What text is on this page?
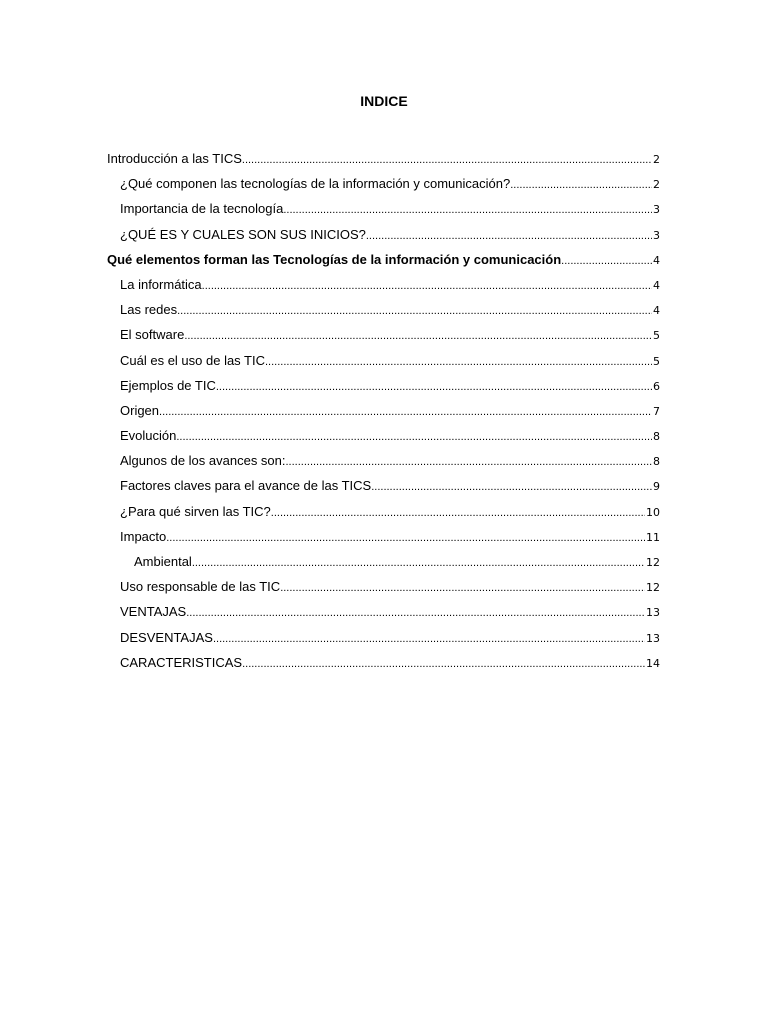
INDICE
Introducción a las TICS .....	2
¿Qué componen las tecnologías de la información y comunicación? .....	2
Importancia de la tecnología .....	3
¿QUÉ ES Y CUALES SON SUS INICIOS? .....	3
Qué elementos forman las Tecnologías de la información y comunicación .....	4
La informática .....	4
Las redes .....	4
El software .....	5
Cuál es el uso de las TIC .....	5
Ejemplos de TIC .....	6
Origen .....	7
Evolución .....	8
Algunos de los avances son: .....	8
Factores claves para el avance de las TICS .....	9
¿Para qué sirven las TIC? .....	10
Impacto .....	11
Ambiental .....	12
Uso responsable de las TIC .....	12
VENTAJAS .....	13
DESVENTAJAS .....	13
CARACTERISTICAS .....	14
